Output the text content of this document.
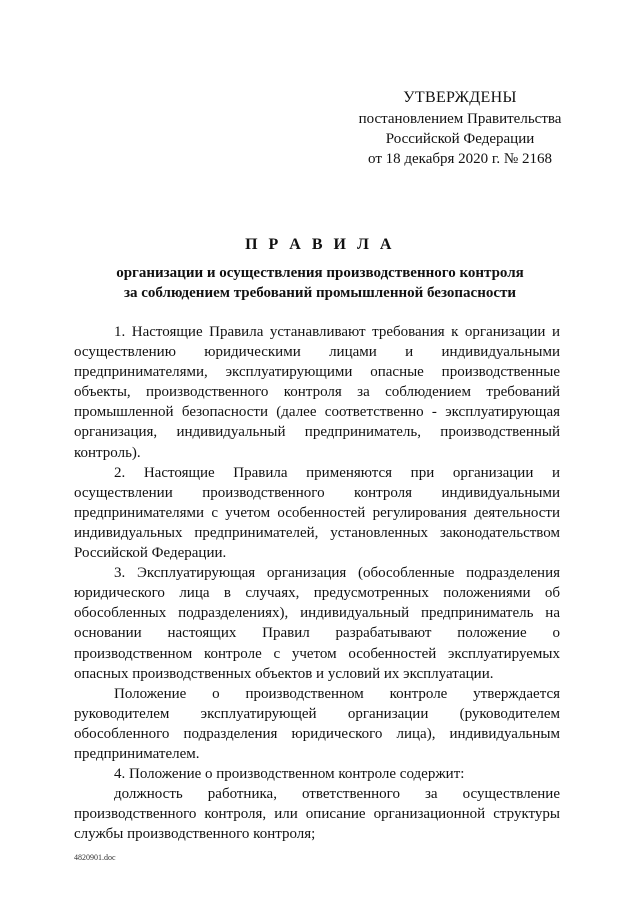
УТВЕРЖДЕНЫ
постановлением Правительства
Российской Федерации
от 18 декабря 2020 г. № 2168
П Р А В И Л А
организации и осуществления производственного контроля
за соблюдением требований промышленной безопасности

1. Настоящие Правила устанавливают требования к организации и осуществлению юридическими лицами и индивидуальными предпринимателями, эксплуатирующими опасные производственные объекты, производственного контроля за соблюдением требований промышленной безопасности (далее соответственно - эксплуатирующая организация, индивидуальный предприниматель, производственный контроль).

2. Настоящие Правила применяются при организации и осуществлении производственного контроля индивидуальными предпринимателями с учетом особенностей регулирования деятельности индивидуальных предпринимателей, установленных законодательством Российской Федерации.

3. Эксплуатирующая организация (обособленные подразделения юридического лица в случаях, предусмотренных положениями об обособленных подразделениях), индивидуальный предприниматель на основании настоящих Правил разрабатывают положение о производственном контроле с учетом особенностей эксплуатируемых опасных производственных объектов и условий их эксплуатации.

Положение о производственном контроле утверждается руководителем эксплуатирующей организации (руководителем обособленного подразделения юридического лица), индивидуальным предпринимателем.

4. Положение о производственном контроле содержит:

должность работника, ответственного за осуществление производственного контроля, или описание организационной структуры службы производственного контроля;

4820901.doc
